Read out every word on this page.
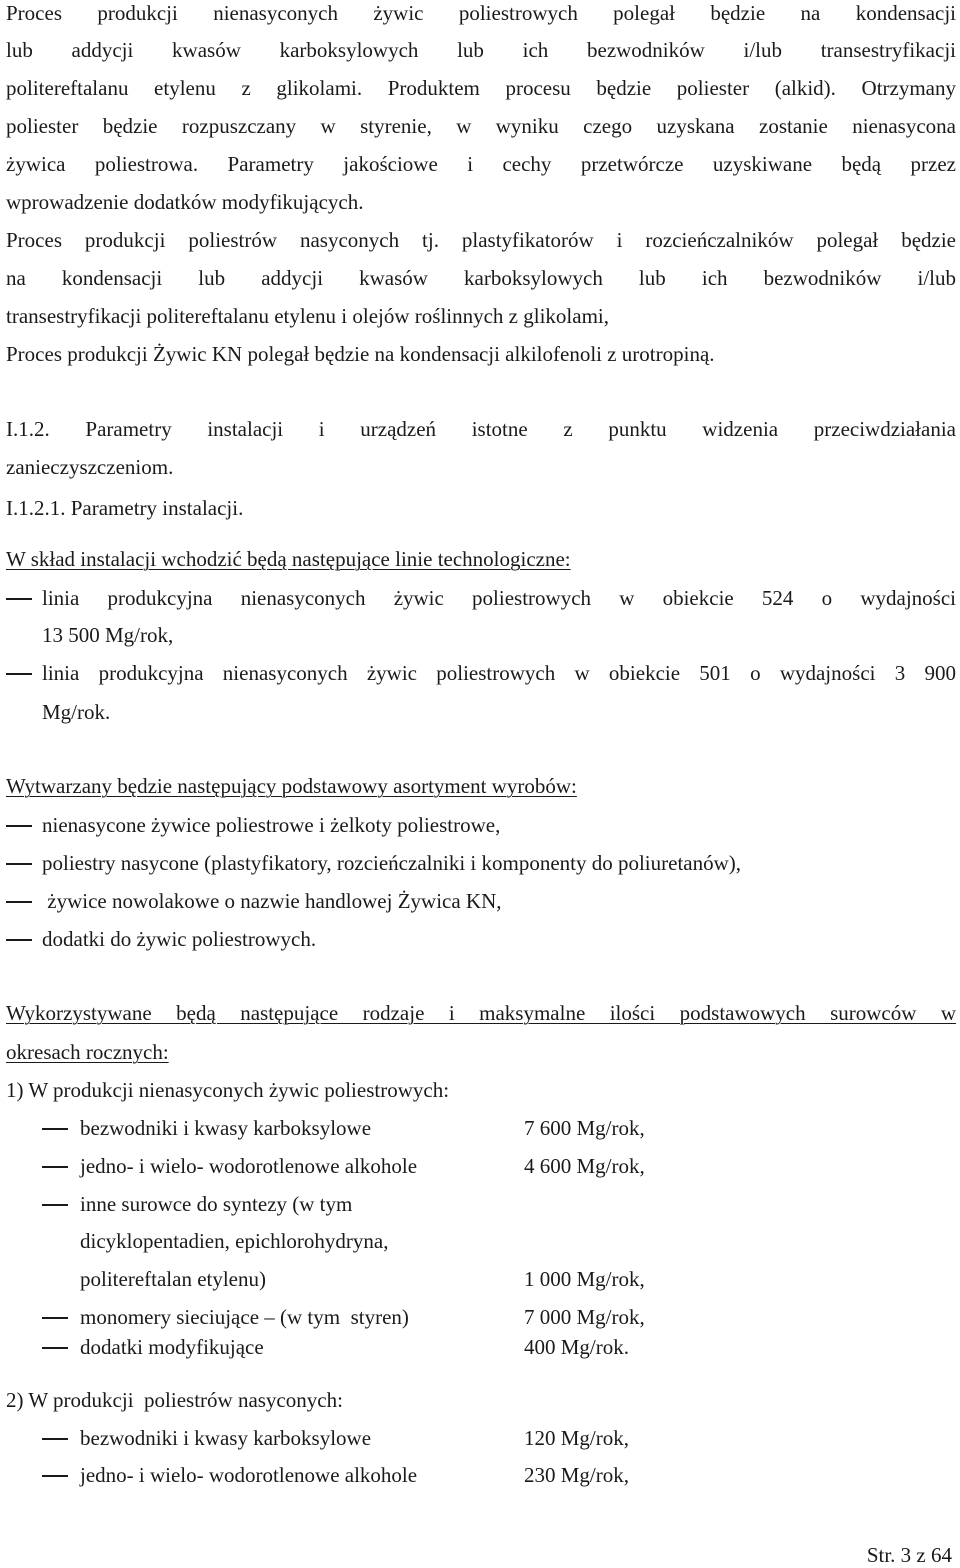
Proces produkcji nienasyconych żywic poliestrowych polegał będzie na kondensacji
lub addycji kwasów karboksylowych lub ich bezwodników i/lub transestryfikacji
politereftalanu etylenu z glikolami. Produktem procesu będzie poliester (alkid). Otrzymany
poliester będzie rozpuszczany w styrenie, w wyniku czego uzyskana zostanie nienasycona
żywica poliestrowa. Parametry jakościowe i cechy przetwórcze uzyskiwane będą przez
wprowadzenie dodatków modyfikujących.
Proces produkcji poliestrów nasyconych tj. plastyfikatorów i rozcieńczalników polegał będzie
na kondensacji lub addycji kwasów karboksylowych lub ich bezwodników i/lub
transestryfikacji politereftalanu etylenu i olejów roślinnych z glikolami,
Proces produkcji Żywic KN polegał będzie na kondensacji alkilofenoli z urotropiną.
I.1.2. Parametry instalacji i urządzeń istotne z punktu widzenia przeciwdziałania
zanieczyszczeniom.
I.1.2.1. Parametry instalacji.
W skład instalacji wchodzić będą następujące linie technologiczne:
linia produkcyjna nienasyconych żywic poliestrowych w obiekcie 524 o wydajności
13 500 Mg/rok,
linia produkcyjna nienasyconych żywic poliestrowych w obiekcie 501 o wydajności 3 900
Mg/rok.
Wytwarzany będzie następujący podstawowy asortyment wyrobów:
nienasycone żywice poliestrowe i żelkoty poliestrowe,
poliestry nasycone (plastyfikatory, rozcieńczalniki i komponenty do poliuretanów),
żywice nowolakowe o nazwie handlowej Żywica KN,
dodatki do żywic poliestrowych.
Wykorzystywane będą następujące rodzaje i maksymalne ilości podstawowych surowców w
okresach rocznych:
1) W produkcji nienasyconych żywic poliestrowych:
bezwodniki i kwasy karboksylowe	7 600 Mg/rok,
jedno- i wielo- wodorotlenowe alkohole	4 600 Mg/rok,
inne surowce do syntezy (w tym
dicyklopentadien, epichlorohydryna,
politereftalan etylenu)	1 000 Mg/rok,
monomery sieciujące – (w tym  styren)	7 000 Mg/rok,
dodatki modyfikujące	400 Mg/rok.
2) W produkcji  poliestrów nasyconych:
bezwodniki i kwasy karboksylowe	120 Mg/rok,
jedno- i wielo- wodorotlenowe alkohole	230 Mg/rok,
Str. 3 z 64
